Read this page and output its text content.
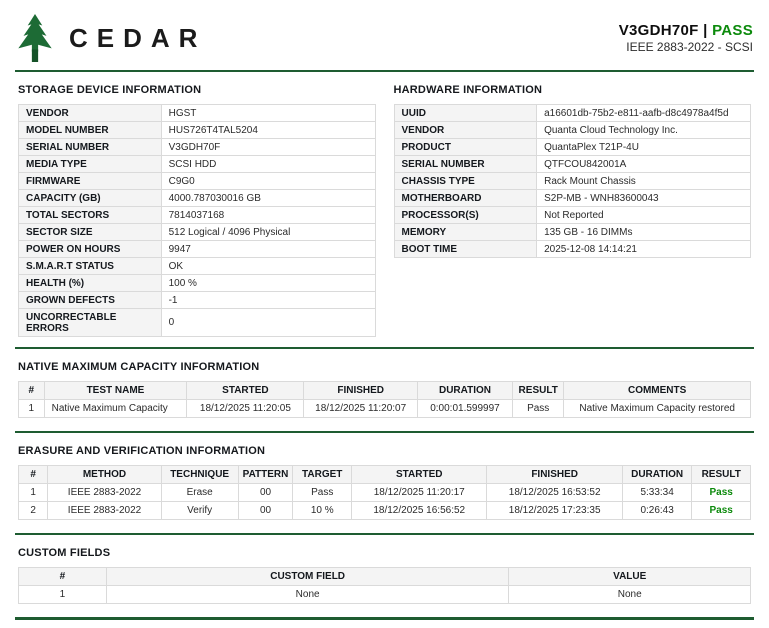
CEDAR	V3GDH70F | PASS
IEEE 2883-2022 - SCSI
STORAGE DEVICE INFORMATION
VENDOR	HGST
MODEL NUMBER	HUS726T4TAL5204
SERIAL NUMBER	V3GDH70F
MEDIA TYPE	SCSI HDD
FIRMWARE	C9G0
CAPACITY (GB)	4000.787030016 GB
TOTAL SECTORS	7814037168
SECTOR SIZE	512 Logical / 4096 Physical
POWER ON HOURS	9947
S.M.A.R.T STATUS	OK
HEALTH (%)	100 %
GROWN DEFECTS	-1
UNCORRECTABLE ERRORS	0
HARDWARE INFORMATION
UUID	a16601db-75b2-e811-aafb-d8c4978a4f5d
VENDOR	Quanta Cloud Technology Inc.
PRODUCT	QuantaPlex T21P-4U
SERIAL NUMBER	QTFCOU842001A
CHASSIS TYPE	Rack Mount Chassis
MOTHERBOARD	S2P-MB - WNH83600043
PROCESSOR(S)	Not Reported
MEMORY	135 GB - 16 DIMMs
BOOT TIME	2025-12-08 14:14:21
NATIVE MAXIMUM CAPACITY INFORMATION
#	TEST NAME	STARTED	FINISHED	DURATION	RESULT	COMMENTS
1	Native Maximum Capacity	18/12/2025 11:20:05	18/12/2025 11:20:07	0:00:01.599997	Pass	Native Maximum Capacity restored
ERASURE AND VERIFICATION INFORMATION
#	METHOD	TECHNIQUE	PATTERN	TARGET	STARTED	FINISHED	DURATION	RESULT
1	IEEE 2883-2022	Erase	00	Pass	18/12/2025 11:20:17	18/12/2025 16:53:52	5:33:34	Pass
2	IEEE 2883-2022	Verify	00	10 %	18/12/2025 16:56:52	18/12/2025 17:23:35	0:26:43	Pass
CUSTOM FIELDS
#	CUSTOM FIELD	VALUE
1	None	None
